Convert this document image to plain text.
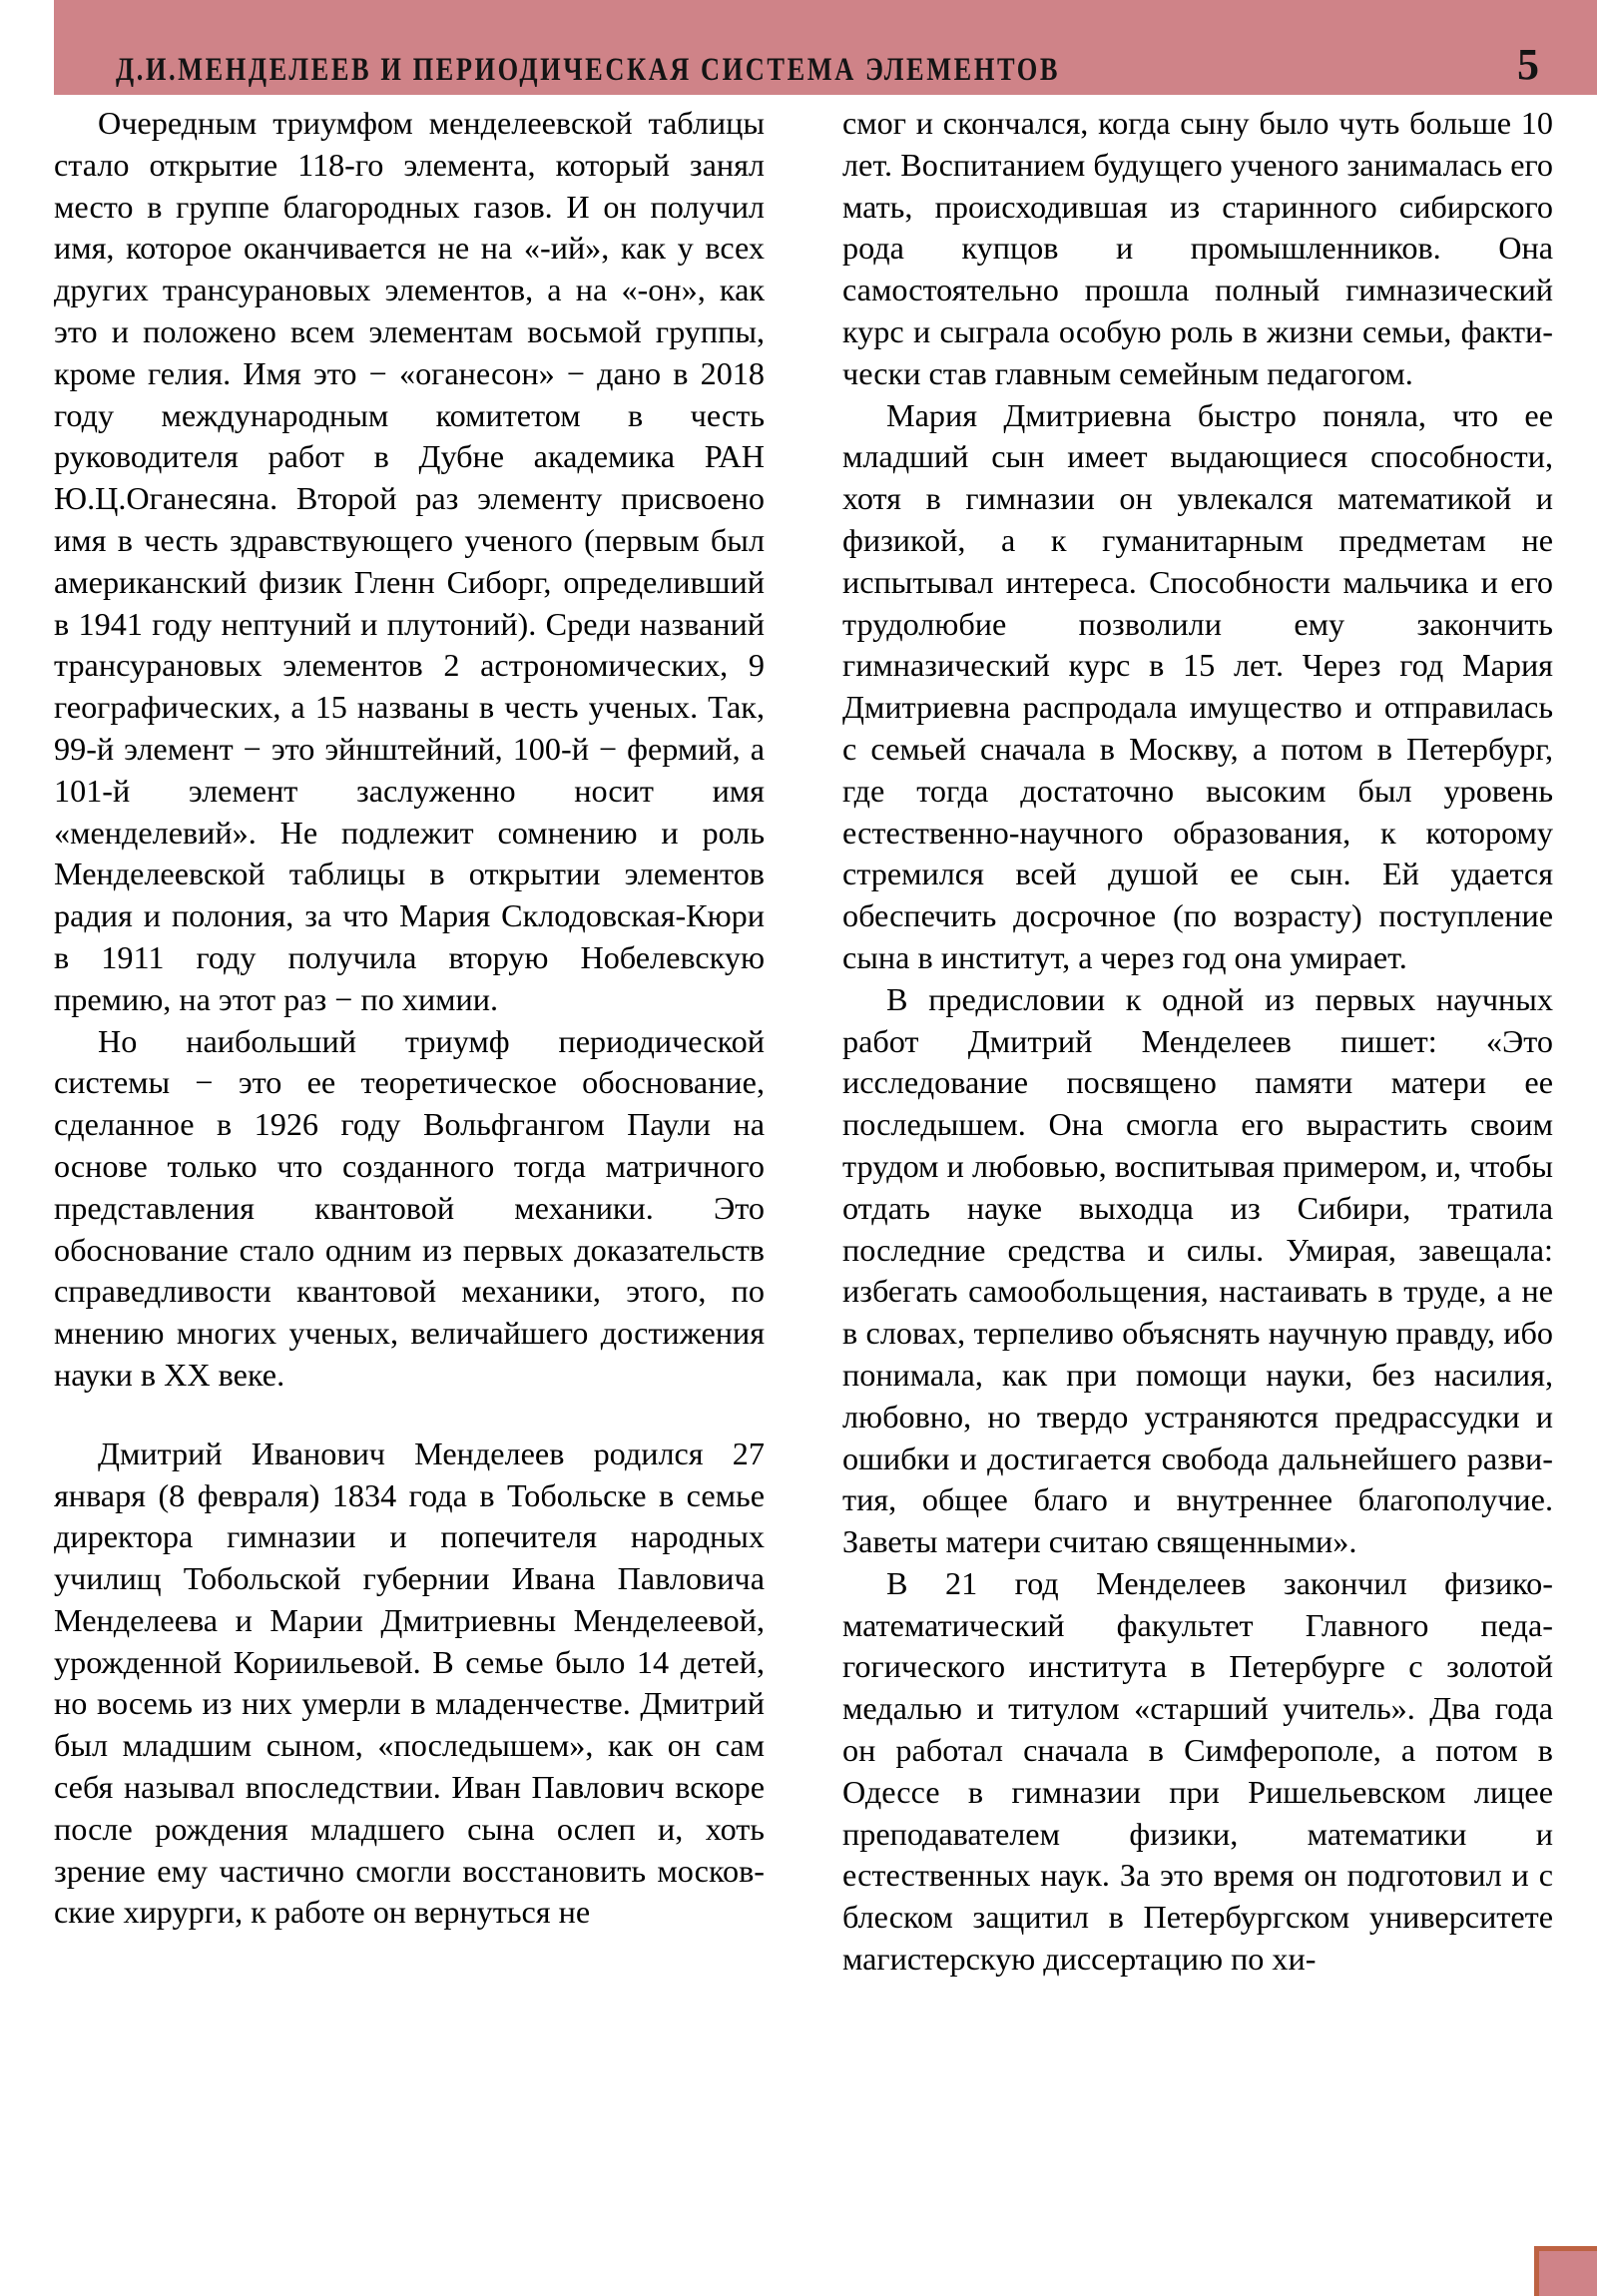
Д.И.МЕНДЕЛЕЕВ И ПЕРИОДИЧЕСКАЯ СИСТЕМА ЭЛЕМЕНТОВ	5

Очередным триумфом менделеевской таблицы стало открытие 118-го элемента, который занял место в группе благородных газов. И он получил имя, которое оканчивается не на «-ий», как у всех других трансурановых элементов, а на «-он», как это и положено всем элементам восьмой группы, кроме гелия. Имя это − «оганесон» − дано в 2018 году международным комитетом в честь руководителя работ в Дубне академика РАН Ю.Ц.Оганесяна. Второй раз элементу присвоено имя в честь здравствующего ученого (первым был американский физик Гленн Сиборг, определивший в 1941 году нептуний и плутоний). Среди названий трансурановых элементов 2 астрономических, 9 географических, а 15 названы в честь ученых. Так, 99-й элемент − это эйнштейний, 100-й − фермий, а 101-й элемент заслуженно носит имя «менделевий». Не подлежит сомнению и роль Менделеевской таблицы в открытии элементов радия и полония, за что Мария Склодовская-Кюри в 1911 году получила вторую Нобелевскую премию, на этот раз − по химии.

Но наибольший триумф периодической системы − это ее теоретическое обоснование, сделанное в 1926 году Вольфгангом Паули на основе только что созданного тогда матричного представления квантовой механики. Это обоснование стало одним из первых доказательств справедливости квантовой механики, этого, по мнению многих ученых, величайшего достижения науки в XX веке.

Дмитрий Иванович Менделеев родился 27 января (8 февраля) 1834 года в Тобольске в семье директора гимназии и попечителя народных училищ Тобольской губернии Ивана Павловича Менделеева и Марии Дмитриевны Менделеевой, урожденной Кориильевой. В семье было 14 детей, но восемь из них умерли в младенчестве. Дмитрий был младшим сыном, «последышем», как он сам себя называл впоследствии. Иван Павлович вскоре после рождения младшего сына ослеп и, хоть зрение ему частично смогли восстановить московские хирурги, к работе он вернуться не

смог и скончался, когда сыну было чуть больше 10 лет. Воспитанием будущего ученого занималась его мать, происходившая из старинного сибирского рода купцов и промышленников. Она самостоятельно прошла полный гимназический курс и сыграла особую роль в жизни семьи, фактически став главным семейным педагогом.

Мария Дмитриевна быстро поняла, что ее младший сын имеет выдающиеся способности, хотя в гимназии он увлекался математикой и физикой, а к гуманитарным предметам не испытывал интереса. Способности мальчика и его трудолюбие позволили ему закончить гимназический курс в 15 лет. Через год Мария Дмитриевна распродала имущество и отправилась с семьей сначала в Москву, а потом в Петербург, где тогда достаточно высоким был уровень естественно-научного образования, к которому стремился всей душой ее сын. Ей удается обеспечить досрочное (по возрасту) поступление сына в институт, а через год она умирает.

В предисловии к одной из первых научных работ Дмитрий Менделеев пишет: «Это исследование посвящено памяти матери ее последышем. Она смогла его вырастить своим трудом и любовью, воспитывая примером, и, чтобы отдать науке выходца из Сибири, тратила последние средства и силы. Умирая, завещала: избегать самообольщения, настаивать в труде, а не в словах, терпеливо объяснять научную правду, ибо понимала, как при помощи науки, без насилия, любовно, но твердо устраняются предрассудки и ошибки и достигается свобода дальнейшего развития, общее благо и внутреннее благополучие. Заветы матери считаю священными».

В 21 год Менделеев закончил физико-математический факультет Главного педагогического института в Петербурге с золотой медалью и титулом «старший учитель». Два года он работал сначала в Симферополе, а потом в Одессе в гимназии при Ришельевском лицее преподавателем физики, математики и естественных наук. За это время он подготовил и с блеском защитил в Петербургском университете магистерскую диссертацию по хи-
